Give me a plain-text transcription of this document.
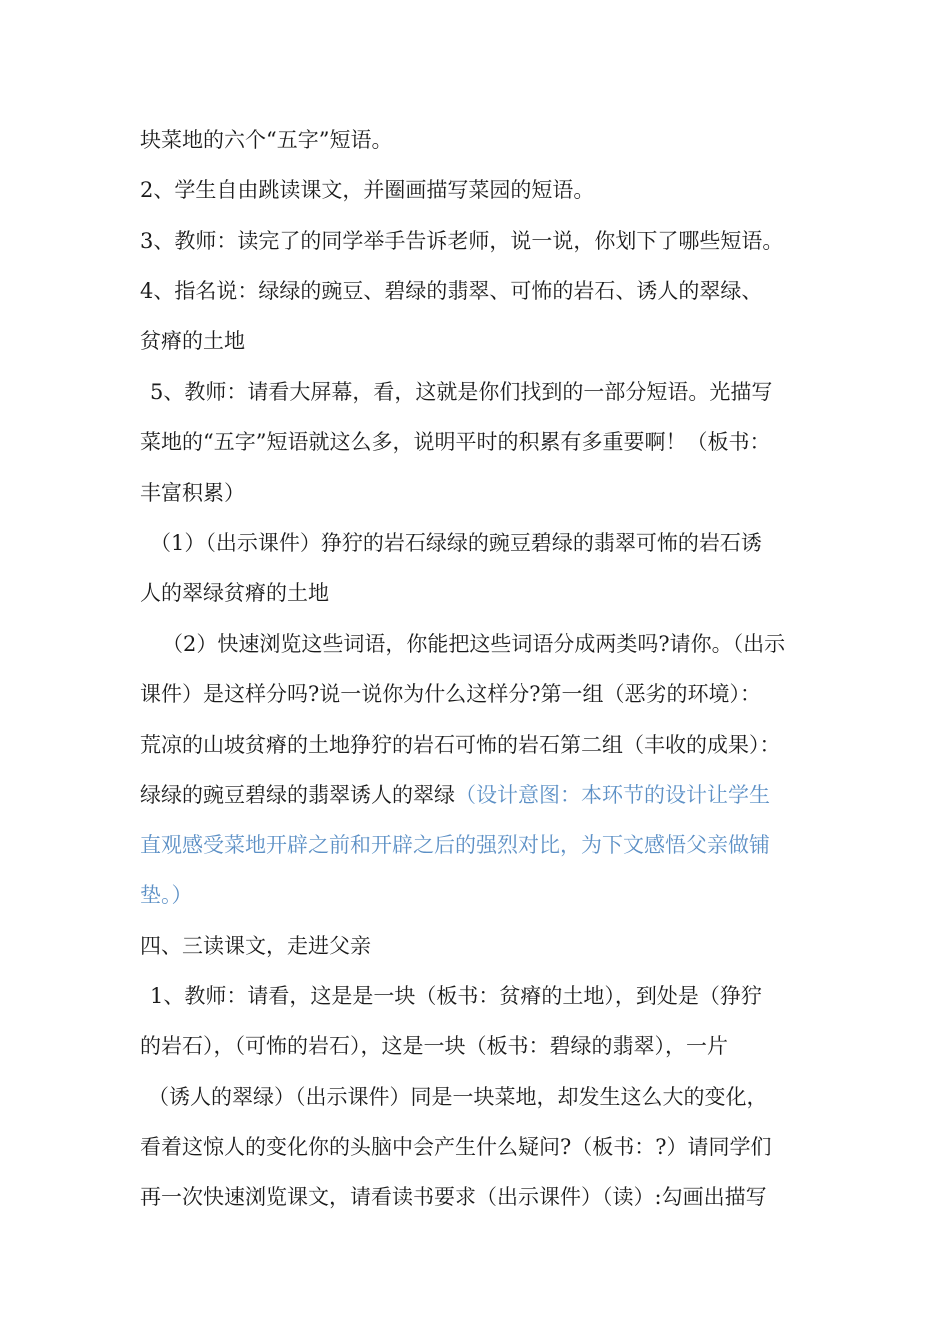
块菜地的六个“五字”短语。
2、学生自由跳读课文，并圈画描写菜园的短语。
3、教师：读完了的同学举手告诉老师，说一说，你划下了哪些短语。
4、指名说：绿绿的豌豆、碧绿的翡翠、可怖的岩石、诱人的翠绿、
贫瘠的土地
5、教师：请看大屏幕，看，这就是你们找到的一部分短语。光描写
菜地的“五字”短语就这么多，说明平时的积累有多重要啊！（板书：
丰富积累）
（1）（出示课件）狰狞的岩石绿绿的豌豆碧绿的翡翠可怖的岩石诱
人的翠绿贫瘠的土地
（2）快速浏览这些词语，你能把这些词语分成两类吗?请你。（出示
课件）是这样分吗?说一说你为什么这样分?第一组（恶劣的环境）：
荒凉的山坡贫瘠的土地狰狞的岩石可怖的岩石第二组（丰收的成果）：
绿绿的豌豆碧绿的翡翠诱人的翠绿（设计意图：本环节的设计让学生
直观感受菜地开辟之前和开辟之后的强烈对比，为下文感悟父亲做铺
垫。）
四、三读课文，走进父亲
1、教师：请看，这是是一块（板书：贫瘠的土地），到处是（狰狞
的岩石），（可怖的岩石），这是一块（板书：碧绿的翡翠），一片
（诱人的翠绿）（出示课件）同是一块菜地，却发生这么大的变化，
看着这惊人的变化你的头脑中会产生什么疑问?（板书：?）请同学们
再一次快速浏览课文，请看读书要求（出示课件）（读）:勾画出描写
